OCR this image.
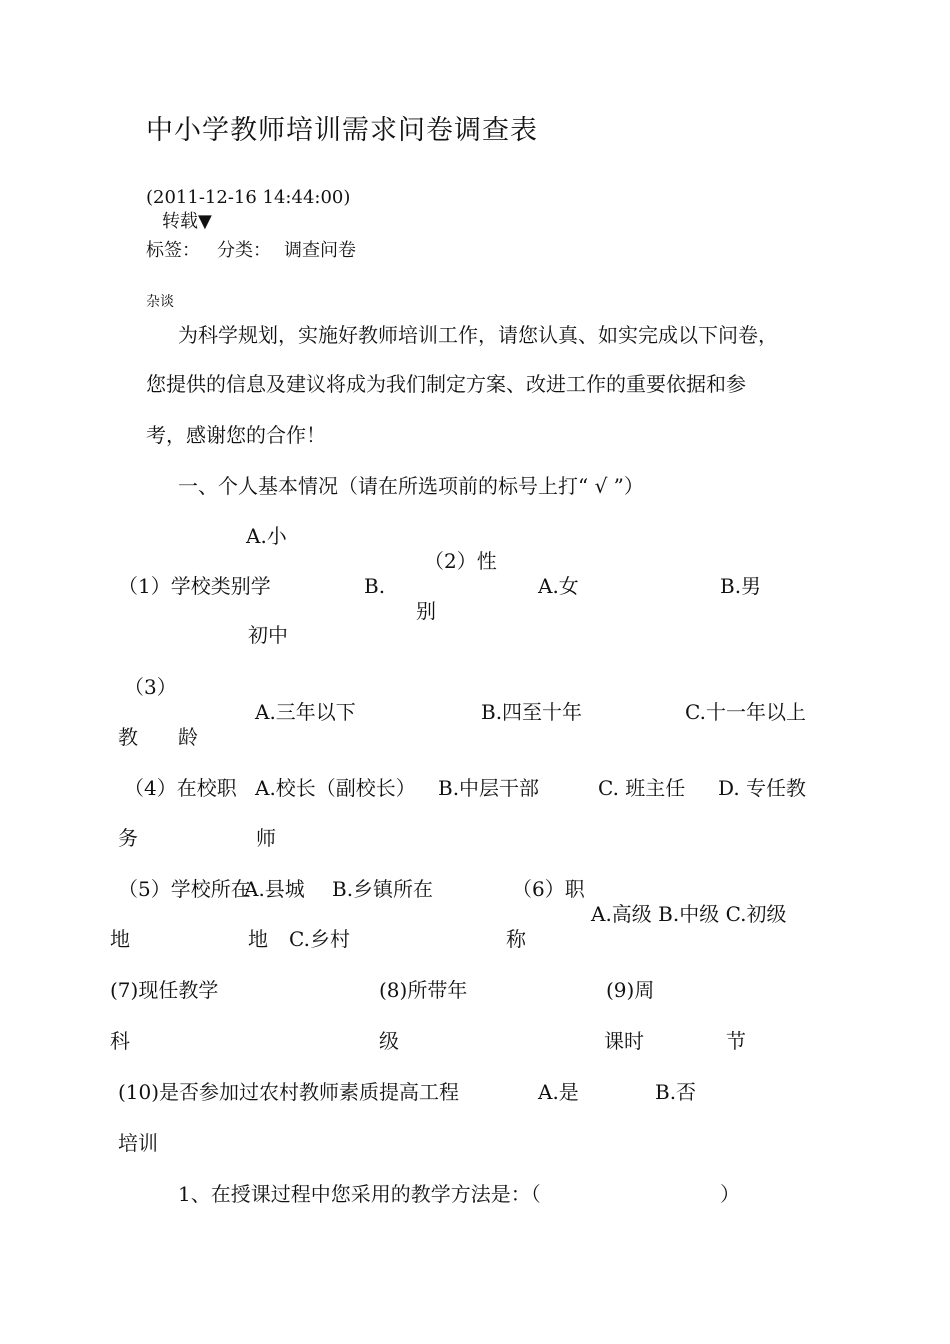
中小学教师培训需求问卷调查表
(2011-12-16 14:44:00)
转载▼
标签： 分类： 调查问卷
杂谈
为科学规划，实施好教师培训工作，请您认真、如实完成以下问卷，
您提供的信息及建议将成为我们制定方案、改进工作的重要依据和参
考，感谢您的合作！
一、个人基本情况（请在所选项前的标号上打“ √ ”）
A.小
（2）性
（1）学校类别学	B.	A.女	B.男
别
初中
（3）
A.三年以下	B.四至十年	C.十一年以上
教　　龄
（4）在校职 A.校长（副校长） B.中层干部	C. 班主任 D. 专任教
务	师
（5）学校所在
A.县城 B.乡镇所在	（6）职
A.高级 B.中级 C.初级
地	地 C.乡村	称
(7)现任教学	(8)所带年	(9)周
科	级	课时	节
(10)是否参加过农村教师素质提高工程	A.是	B.否
培训
1、在授课过程中您采用的教学方法是：（	）
